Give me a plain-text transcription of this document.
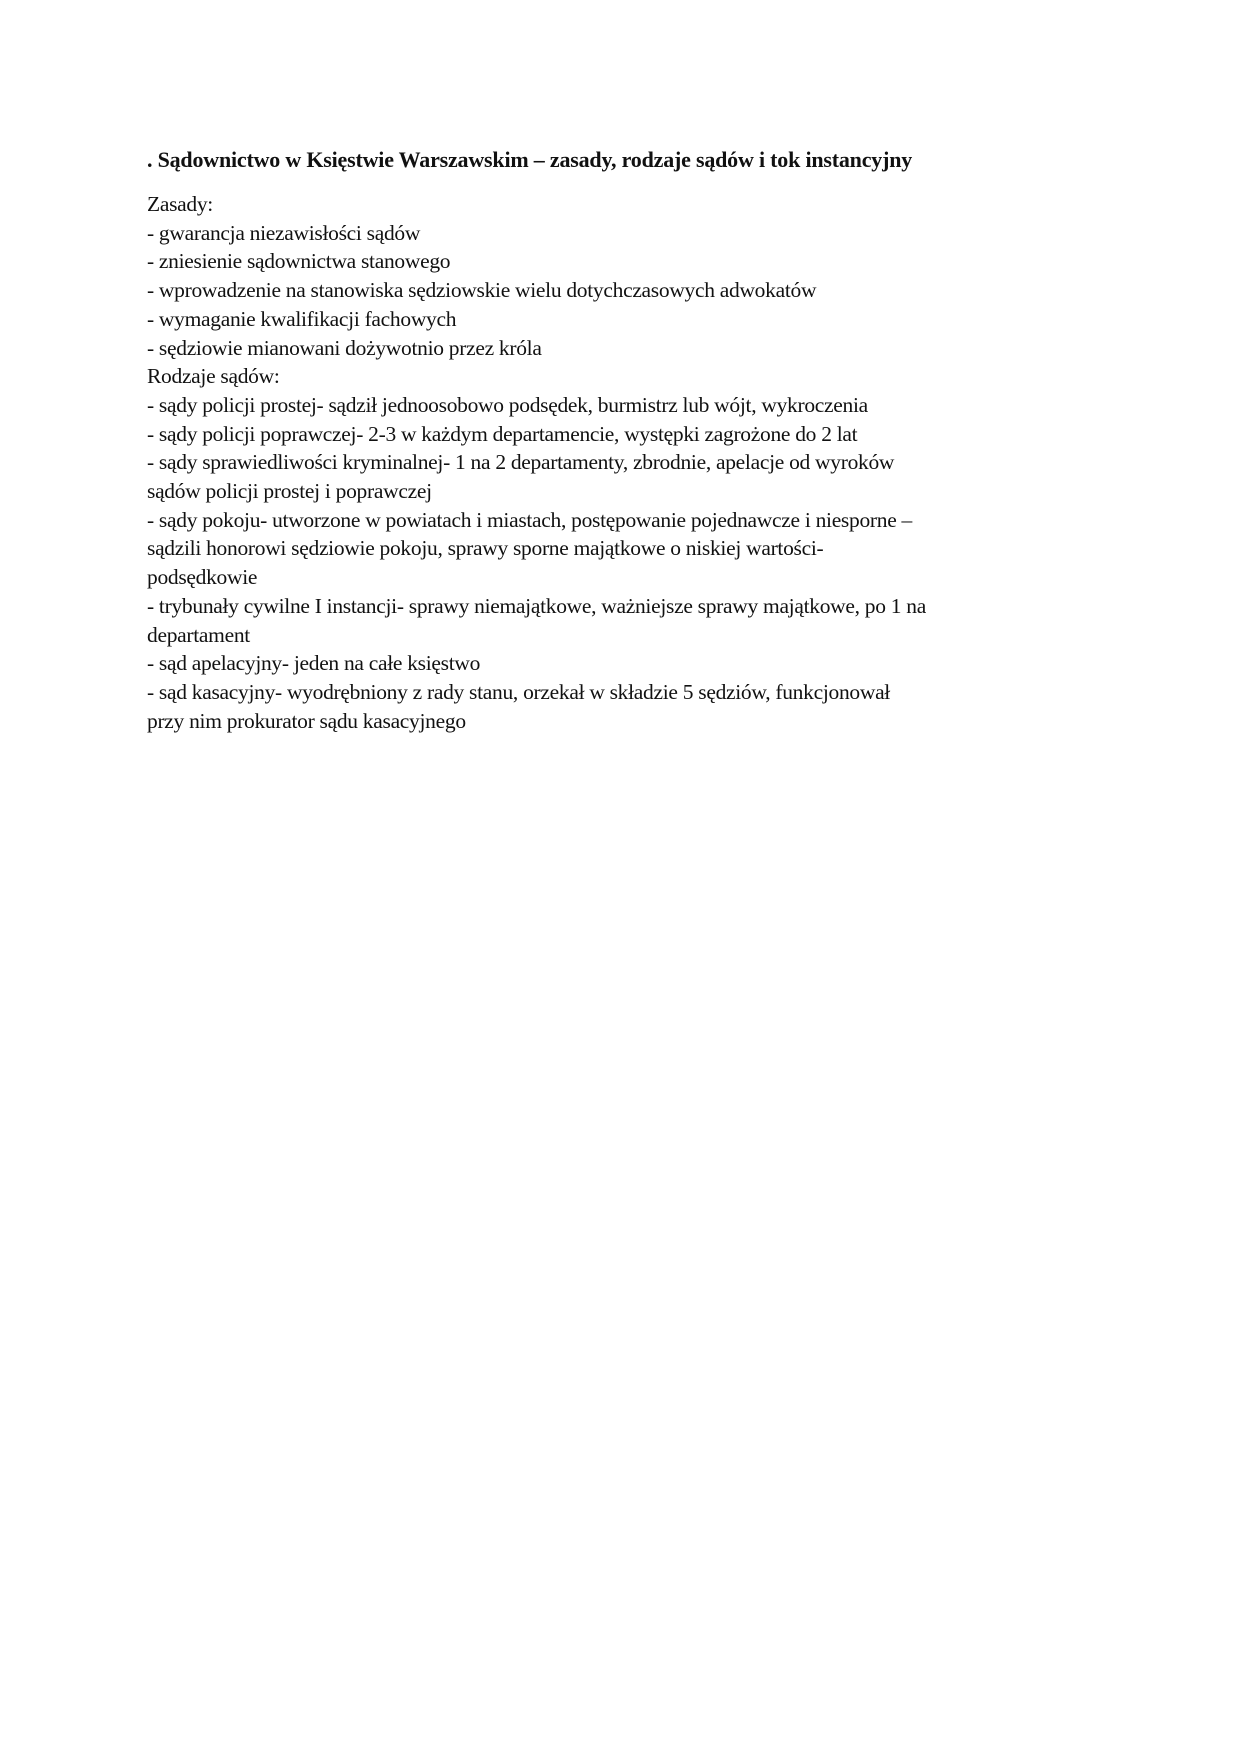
. Sądownictwo w Księstwie Warszawskim – zasady, rodzaje sądów i tok instancyjny

Zasady:

- gwarancja niezawisłości sądów

- zniesienie sądownictwa stanowego

- wprowadzenie na stanowiska sędziowskie wielu dotychczasowych adwokatów

- wymaganie kwalifikacji fachowych

- sędziowie mianowani dożywotnio przez króla

Rodzaje sądów:

- sądy policji prostej- sądził jednoosobowo podsędek, burmistrz lub wójt, wykroczenia

- sądy policji poprawczej- 2-3 w każdym departamencie, występki zagrożone do 2 lat

- sądy sprawiedliwości kryminalnej- 1 na 2 departamenty, zbrodnie, apelacje od wyroków

sądów policji prostej i poprawczej

- sądy pokoju- utworzone w powiatach i miastach, postępowanie pojednawcze i niesporne –

sądzili honorowi sędziowie pokoju, sprawy sporne majątkowe o niskiej wartości-

podsędkowie

- trybunały cywilne I instancji- sprawy niemajątkowe, ważniejsze sprawy majątkowe, po 1 na

departament

- sąd apelacyjny- jeden na całe księstwo

- sąd kasacyjny- wyodrębniony z rady stanu, orzekał w składzie 5 sędziów, funkcjonował

przy nim prokurator sądu kasacyjnego
